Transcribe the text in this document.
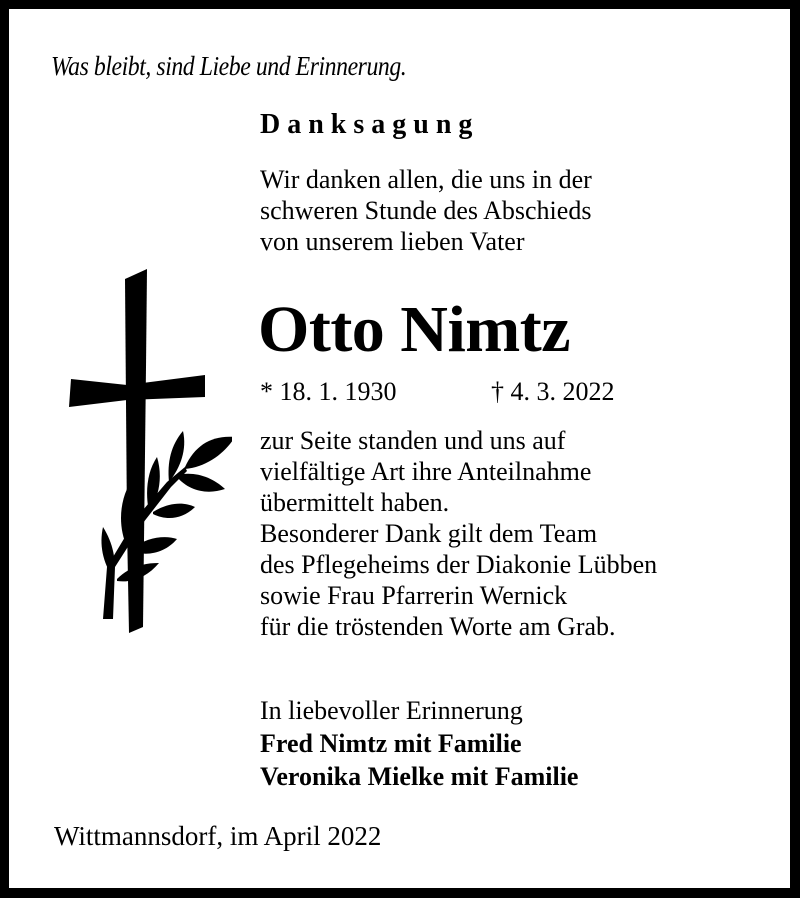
Was bleibt, sind Liebe und Erinnerung.
Danksagung
Wir danken allen, die uns in der
schweren Stunde des Abschieds
von unserem lieben Vater
Otto Nimtz
* 18. 1. 1930	† 4. 3. 2022
zur Seite standen und uns auf
vielfältige Art ihre Anteilnahme
übermittelt haben.
Besonderer Dank gilt dem Team
des Pflegeheims der Diakonie Lübben
sowie Frau Pfarrerin Wernick
für die tröstenden Worte am Grab.
In liebevoller Erinnerung
Fred Nimtz mit Familie
Veronika Mielke mit Familie
Wittmannsdorf, im April 2022
